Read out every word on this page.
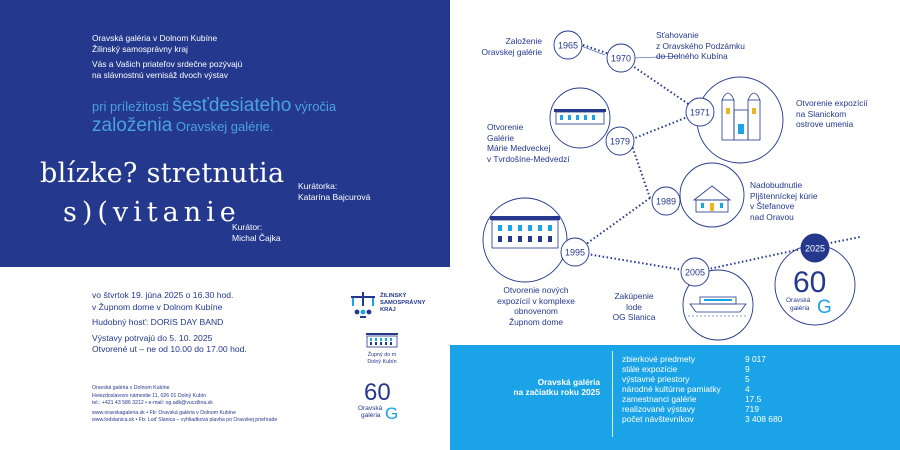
Oravská galéria v Dolnom Kubíne

Žilinský samosprávny kraj

Vás a Vašich priateľov srdečne pozývajú
na slávnostnú vernisáž dvoch výstav
pri príležitosti šesťdesiateho výročia
založenia Oravskej galérie.
blízke? stretnutia
s)(vitanie
Kurátorka:
Katarína Bajcurová
Kurátor:
Michal Čajka
vo štvrtok 19. júna 2025 o 16.30 hod.

v Župnom dome v Dolnom Kubíne

Hudobný hosť: DORIS DAY BAND

Výstavy potrvajú do 5. 10. 2025
Otvorené ut – ne od 10.00 do 17.00 hod.
Oravská galéria v Dolnom Kubíne
Hviezdoslavovo námestie 11, 026 01 Dolný Kubín

tel.: +421 43 586 3212 • e-mail: og.adk@vuczilina.sk

www.oravskagaleria.sk • Fb: Oravská galéria v Dolnom Kubíne
www.lodslanica.sk • Fb: Loď Slanica – vyhliadková plavba po Oravskej priehrade
ŽILINSKÝ
SAMOSPRÁVNY
KRAJ
Župný do m
Dolný Kubín
60
Oravská
galéria G
60
Oravská
galéria G
1965
1970
1971
1979
1989
1995
2005
2025
Založenie
Oravskej galérie
Sťahovanie
z Oravského Podzámku
do Dolného Kubína
Otvorenie expozícií
na Slanickom
ostrove umenia
Otvorenie
Galérie
Márie Medveckej
v Tvrdošíne-Medvedzí
Nadobudnutie
Pljštenníckej kúrie
v Štefanove
nad Oravou
Otvorenie nových
expozícií v komplexe
obnovenom
Župnom dome
Zakúpenie
lode
OG Slanica
Oravská galéria
na začiatku roku 2025
zbierkové predmety
stále expozície
výstavné priestory
národné kultúrne pamiatky
zamestnanci galérie
realizované výstavy
počet návštevníkov
9 017
9
5
4
17.5
719
3 408 680
